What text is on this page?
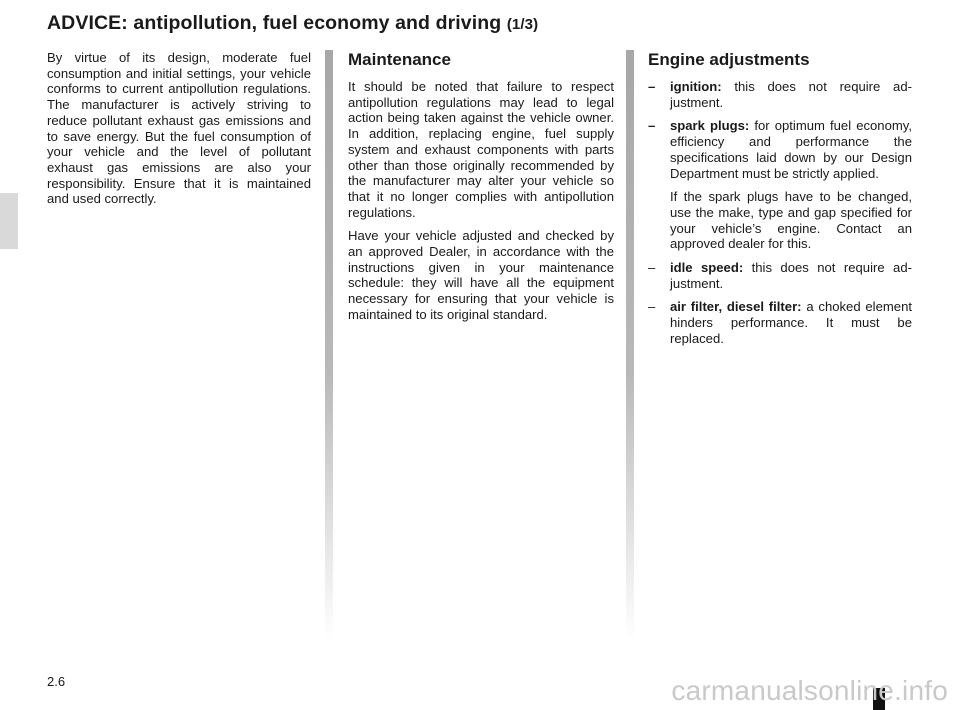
ADVICE: antipollution, fuel economy and driving (1/3)

By virtue of its design, moderate fuel consumption and initial settings, your vehicle conforms to current antipollution regulations. The manufacturer is actively striving to reduce pollutant exhaust gas emissions and to save energy. But the fuel consumption of your vehicle and the level of pollutant exhaust gas emissions are also your responsibility. Ensure that it is maintained and used correctly.

Maintenance

It should be noted that failure to respect antipollution regulations may lead to legal action being taken against the vehicle owner. In addition, replacing engine, fuel supply system and exhaust components with parts other than those originally recommended by the manufacturer may alter your vehicle so that it no longer complies with antipollution regulations.

Have your vehicle adjusted and checked by an approved Dealer, in accordance with the instructions given in your maintenance schedule: they will have all the equipment necessary for ensuring that your vehicle is maintained to its original standard.

Engine adjustments
– ignition: this does not require adjustment.
– spark plugs: for optimum fuel economy, efficiency and performance the specifications laid down by our Design Department must be strictly applied.
If the spark plugs have to be changed, use the make, type and gap specified for your vehicle’s engine. Contact an approved dealer for this.
– idle speed: this does not require adjustment.
– air filter, diesel filter: a choked element hinders performance. It must be replaced.
2.6	carmanualsonline.info
